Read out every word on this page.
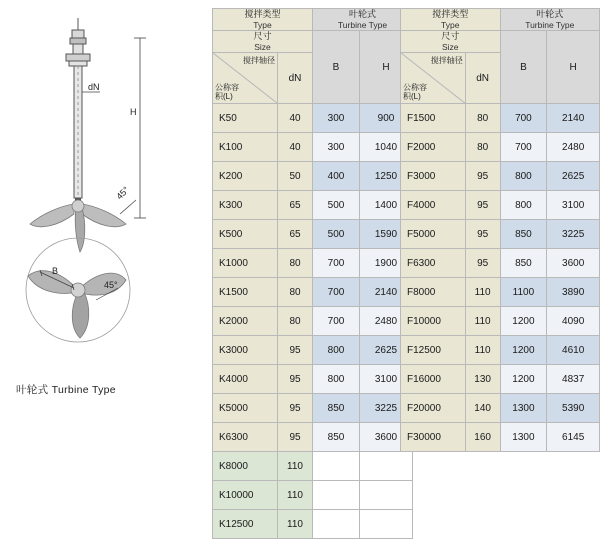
dN
H
45°
B
45°
叶轮式 Turbine Type
搅拌类型
Type		叶轮式
Turbine Type	

尺寸
Size		B	H

搅拌轴径
公称容积(L)	dN		
K50	40	300	900
K100	40	300	1040
K200	50	400	1250
K300	65	500	1400
K500	65	500	1590
K1000	80	700	1900
K1500	80	700	2140
K2000	80	700	2480
K3000	95	800	2625
K4000	95	800	3100
K5000	95	850	3225
K6300	95	850	3600
K8000	110		
K10000	110		
K12500	110		
搅拌类型
Type		叶轮式
Turbine Type	

尺寸
Size		B	H

搅拌轴径
公称容积(L)	dN		
F1500	80	700	2140
F2000	80	700	2480
F3000	95	800	2625
F4000	95	800	3100
F5000	95	850	3225
F6300	95	850	3600
F8000	110	1100	3890
F10000	110	1200	4090
F12500	110	1200	4610
F16000	130	1200	4837
F20000	140	1300	5390
F30000	160	1300	6145
